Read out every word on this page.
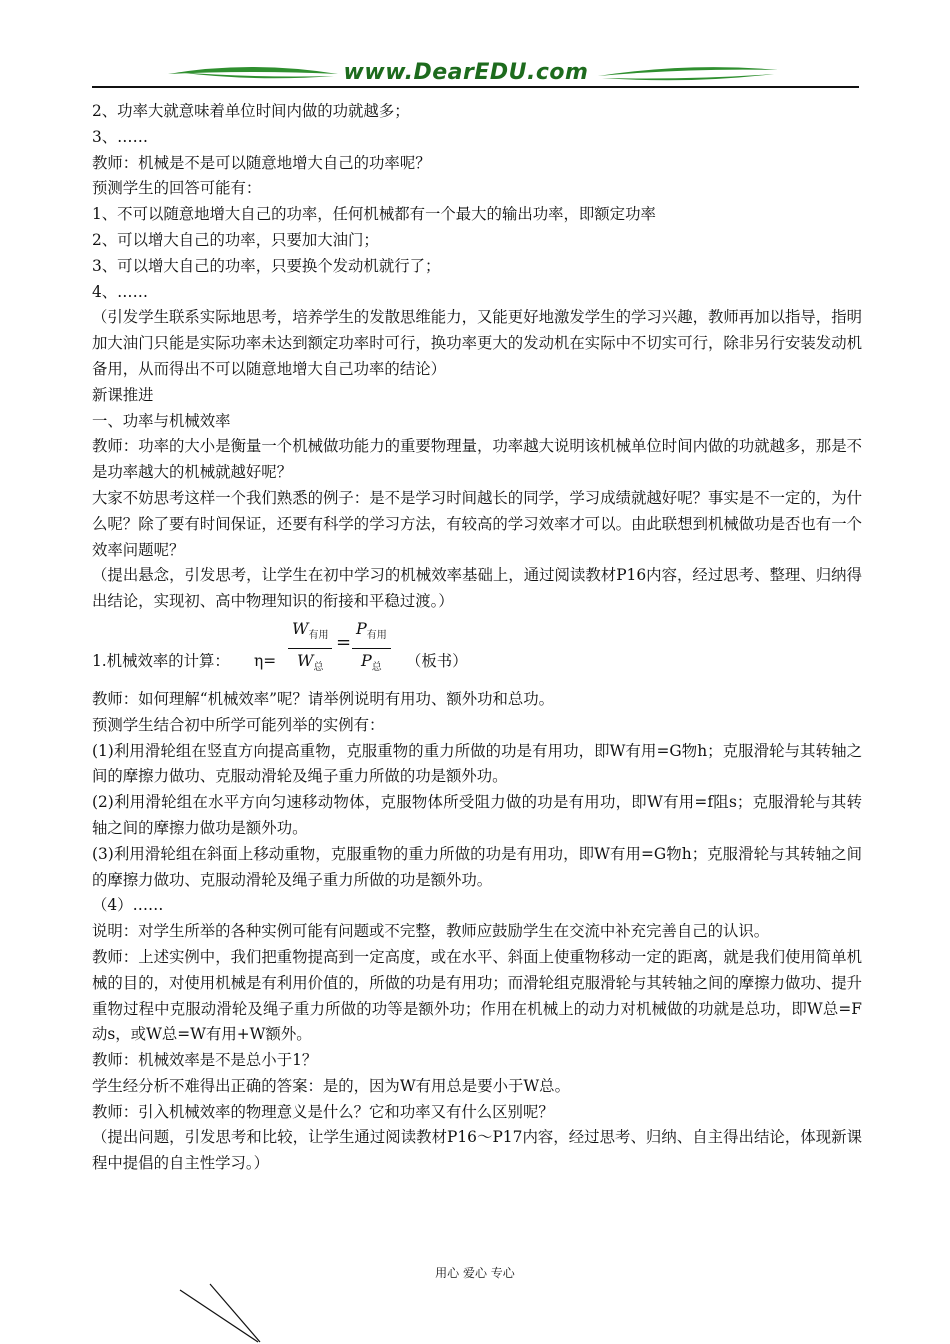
www.DearEDU.com

2、功率大就意味着单位时间内做的功就越多；

3、……

教师：机械是不是可以随意地增大自己的功率呢？

预测学生的回答可能有：

1、不可以随意地增大自己的功率，任何机械都有一个最大的输出功率，即额定功率

2、可以增大自己的功率，只要加大油门；

3、可以增大自己的功率，只要换个发动机就行了；

4、……

（引发学生联系实际地思考，培养学生的发散思维能力，又能更好地激发学生的学习兴趣，教师再加以指导，指明加大油门只能是实际功率未达到额定功率时可行，换功率更大的发动机在实际中不切实可行，除非另行安装发动机备用，从而得出不可以随意地增大自己功率的结论）

新课推进

一、功率与机械效率

教师：功率的大小是衡量一个机械做功能力的重要物理量，功率越大说明该机械单位时间内做的功就越多，那是不是功率越大的机械就越好呢？

大家不妨思考这样一个我们熟悉的例子：是不是学习时间越长的同学，学习成绩就越好呢？事实是不一定的，为什么呢？除了要有时间保证，还要有科学的学习方法，有较高的学习效率才可以。由此联想到机械做功是否也有一个效率问题呢？

（提出悬念，引发思考，让学生在初中学习的机械效率基础上，通过阅读教材P16内容，经过思考、整理、归纳得出结论，实现初、高中物理知识的衔接和平稳过渡。）

1.机械效率的计算： η=
$W_{有用}$
$W_总$
=
$P_{有用}$
$P_总$	（板书）

教师：如何理解“机械效率”呢？请举例说明有用功、额外功和总功。

预测学生结合初中所学可能列举的实例有：

(1)利用滑轮组在竖直方向提高重物，克服重物的重力所做的功是有用功，即W有用=G物h；克服滑轮与其转轴之间的摩擦力做功、克服动滑轮及绳子重力所做的功是额外功。

(2)利用滑轮组在水平方向匀速移动物体，克服物体所受阻力做的功是有用功，即W有用=f阻s；克服滑轮与其转轴之间的摩擦力做功是额外功。

(3)利用滑轮组在斜面上移动重物，克服重物的重力所做的功是有用功，即W有用=G物h；克服滑轮与其转轴之间的摩擦力做功、克服动滑轮及绳子重力所做的功是额外功。

（4）……

说明：对学生所举的各种实例可能有问题或不完整，教师应鼓励学生在交流中补充完善自己的认识。

教师：上述实例中，我们把重物提高到一定高度，或在水平、斜面上使重物移动一定的距离，就是我们使用简单机械的目的，对使用机械是有利用价值的，所做的功是有用功；而滑轮组克服滑轮与其转轴之间的摩擦力做功、提升重物过程中克服动滑轮及绳子重力所做的功等是额外功；作用在机械上的动力对机械做的功就是总功，即W总=F动s，或W总=W有用+W额外。

教师：机械效率是不是总小于1？

学生经分析不难得出正确的答案：是的，因为W有用总是要小于W总。

教师：引入机械效率的物理意义是什么？它和功率又有什么区别呢？

（提出问题，引发思考和比较，让学生通过阅读教材P16～P17内容，经过思考、归纳、自主得出结论，体现新课程中提倡的自主性学习。）

用心 爱心 专心
